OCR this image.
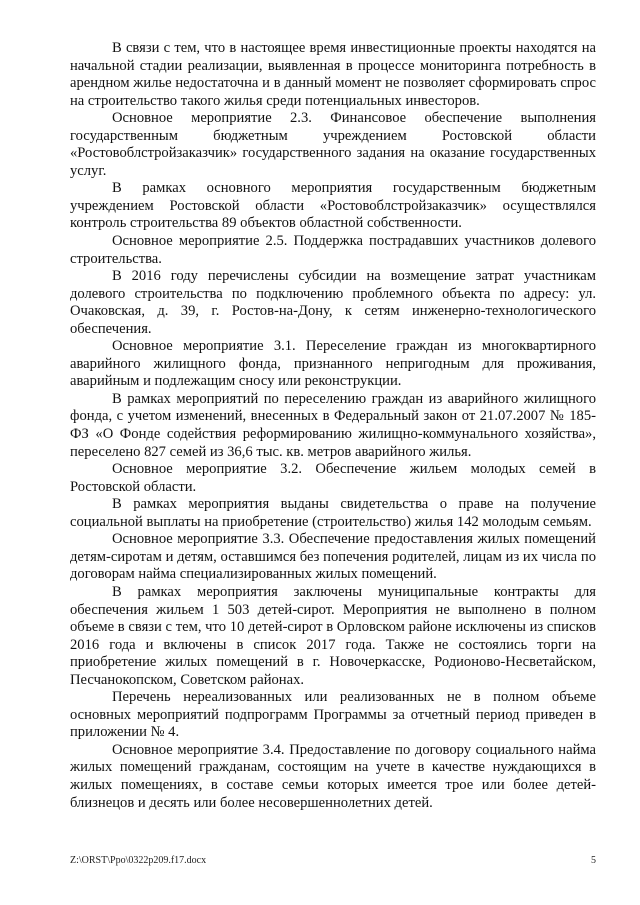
В связи с тем, что в настоящее время инвестиционные проекты находятся на начальной стадии реализации, выявленная в процессе мониторинга потребность в арендном жилье недостаточна и в данный момент не позволяет сформировать спрос на строительство такого жилья среди потенциальных инвесторов.

Основное мероприятие 2.3. Финансовое обеспечение выполнения государственным бюджетным учреждением Ростовской области «Ростовоблстройзаказчик» государственного задания на оказание государственных услуг.

В рамках основного мероприятия государственным бюджетным учреждением Ростовской области «Ростовоблстройзаказчик» осуществлялся контроль строительства 89 объектов областной собственности.

Основное мероприятие 2.5. Поддержка пострадавших участников долевого строительства.

В 2016 году перечислены субсидии на возмещение затрат участникам долевого строительства по подключению проблемного объекта по адресу: ул. Очаковская, д. 39, г. Ростов-на-Дону, к сетям инженерно-технологического обеспечения.

Основное мероприятие 3.1. Переселение граждан из многоквартирного аварийного жилищного фонда, признанного непригодным для проживания, аварийным и подлежащим сносу или реконструкции.

В рамках мероприятий по переселению граждан из аварийного жилищного фонда, с учетом изменений, внесенных в Федеральный закон от 21.07.2007 № 185-ФЗ «О Фонде содействия реформированию жилищно-коммунального хозяйства», переселено 827 семей из 36,6 тыс. кв. метров аварийного жилья.

Основное мероприятие 3.2. Обеспечение жильем молодых семей в Ростовской области.

В рамках мероприятия выданы свидетельства о праве на получение социальной выплаты на приобретение (строительство) жилья 142 молодым семьям.

Основное мероприятие 3.3. Обеспечение предоставления жилых помещений детям-сиротам и детям, оставшимся без попечения родителей, лицам из их числа по договорам найма специализированных жилых помещений.

В рамках мероприятия заключены муниципальные контракты для обеспечения жильем 1 503 детей-сирот. Мероприятия не выполнено в полном объеме в связи с тем, что 10 детей-сирот в Орловском районе исключены из списков 2016 года и включены в список 2017 года. Также не состоялись торги на приобретение жилых помещений в г. Новочеркасске, Родионово-Несветайском, Песчанокопском, Советском районах.

Перечень нереализованных или реализованных не в полном объеме основных мероприятий подпрограмм Программы за отчетный период приведен в приложении № 4.

Основное мероприятие 3.4. Предоставление по договору социального найма жилых помещений гражданам, состоящим на учете в качестве нуждающихся в жилых помещениях, в составе семьи которых имеется трое или более детей-близнецов и десять или более несовершеннолетних детей.

Z:\ORST\Ppo\0322p209.f17.docx	5
